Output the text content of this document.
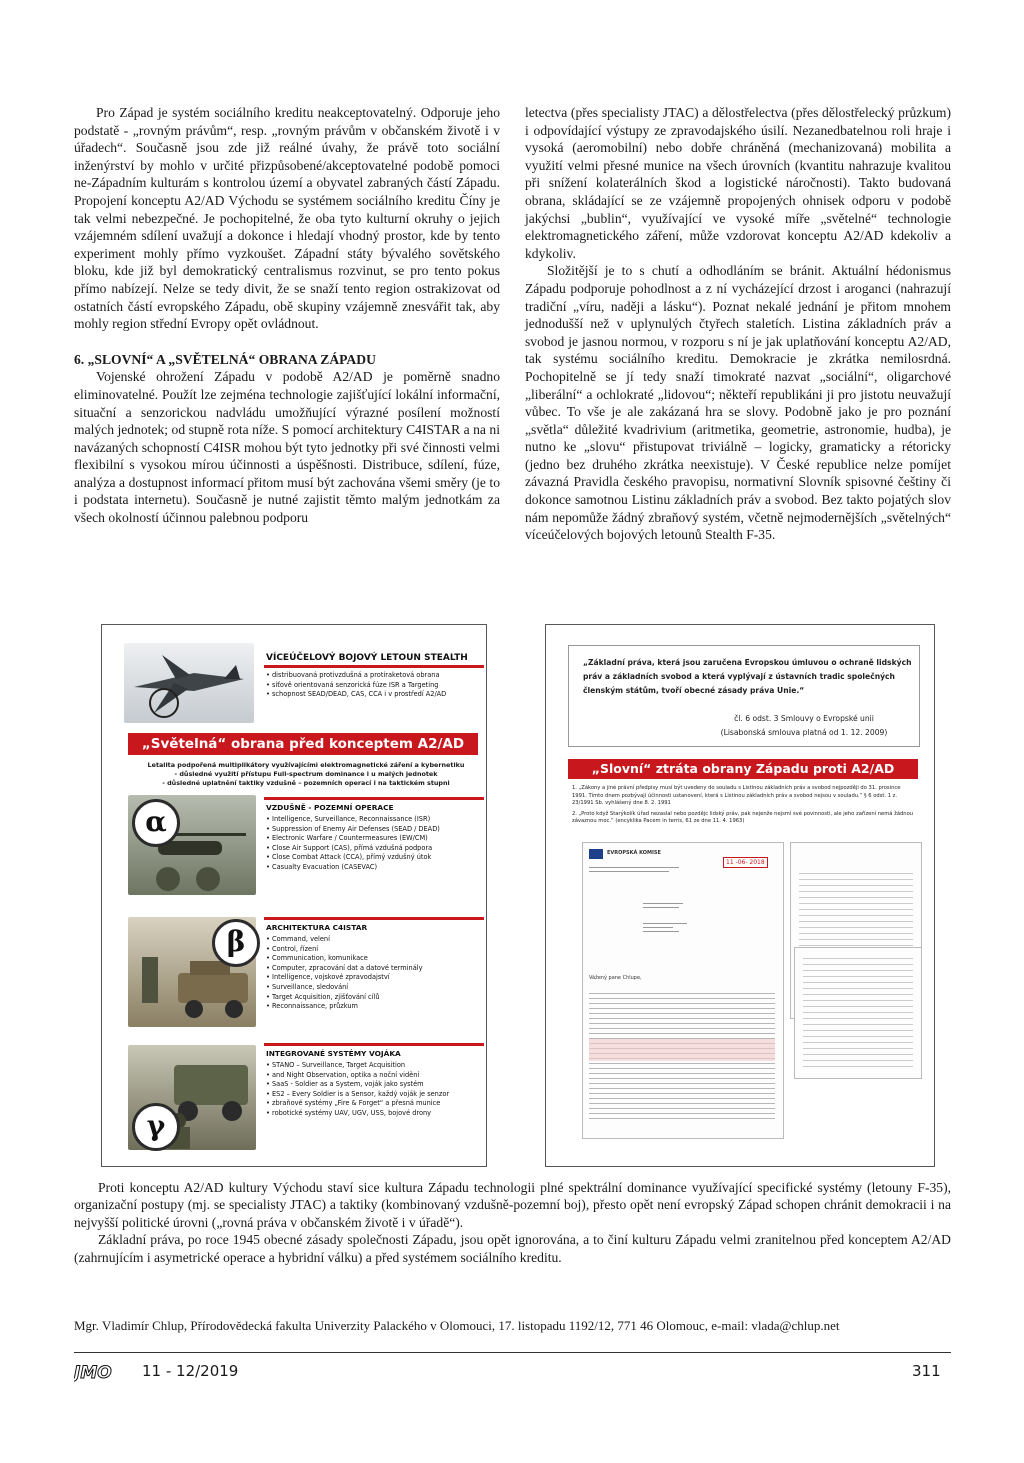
Pro Západ je systém sociálního kreditu neakceptovatelný. Odporuje jeho podstatě - „rovným právům“, resp. „rovným právům v občanském životě i v úřadech“. Současně jsou zde již reálné úvahy, že právě toto sociální inženýrství by mohlo v určité přizpůsobené/akceptovatelné podobě pomoci ne-Západním kulturám s kontrolou území a obyvatel zabraných částí Západu. Propojení konceptu A2/AD Východu se systémem sociálního kreditu Číny je tak velmi nebezpečné. Je pochopitelné, že oba tyto kulturní okruhy o jejich vzájemném sdílení uvažují a dokonce i hledají vhodný prostor, kde by tento experiment mohly přímo vyzkoušet. Západní státy bývalého sovětského bloku, kde již byl demokratický centralismus rozvinut, se pro tento pokus přímo nabízejí. Nelze se tedy divit, že se snaží tento region ostrakizovat od ostatních částí evropského Západu, obě skupiny vzájemně znesvářit tak, aby mohly region střední Evropy opět ovládnout.

6. „SLOVNÍ“ A „SVĚTELNÁ“ OBRANA ZÁPADU

Vojenské ohrožení Západu v podobě A2/AD je poměrně snadno eliminovatelné. Použít lze zejména technologie zajišťující lokální informační, situační a senzorickou nadvládu umožňující výrazné posílení možností malých jednotek; od stupně rota níže. S pomocí architektury C4ISTAR a na ni navázaných schopností C4ISR mohou být tyto jednotky při své činnosti velmi flexibilní s vysokou mírou účinnosti a úspěšnosti. Distribuce, sdílení, fúze, analýza a dostupnost informací přitom musí být zachována všemi směry (je to i podstata internetu). Současně je nutné zajistit těmto malým jednotkám za všech okolností účinnou palebnou podporu

letectva (přes specialisty JTAC) a dělostřelectva (přes dělostřelecký průzkum) i odpovídající výstupy ze zpravodajského úsilí. Nezanedbatelnou roli hraje i vysoká (aeromobilní) nebo dobře chráněná (mechanizovaná) mobilita a využití velmi přesné munice na všech úrovních (kvantitu nahrazuje kvalitou při snížení kolaterálních škod a logistické náročnosti). Takto budovaná obrana, skládající se ze vzájemně propojených ohnisek odporu v podobě jakýchsi „bublin“, využívající ve vysoké míře „světelné“ technologie elektromagnetického záření, může vzdorovat konceptu A2/AD kdekoliv a kdykoliv.

Složitější je to s chutí a odhodláním se bránit. Aktuální hédonismus Západu podporuje pohodlnost a z ní vycházející drzost i aroganci (nahrazují tradiční „víru, naději a lásku“). Poznat nekalé jednání je přitom mnohem jednodušší než v uplynulých čtyřech staletích. Listina základních práv a svobod je jasnou normou, v rozporu s ní je jak uplatňování konceptu A2/AD, tak systému sociálního kreditu. Demokracie je zkrátka nemilosrdná. Pochopitelně se jí tedy snaží timokraté nazvat „sociální“, oligarchové „liberální“ a ochlokraté „lidovou“; někteří republikáni ji pro jistotu neuvažují vůbec. To vše je ale zakázaná hra se slovy. Podobně jako je pro poznání „světla“ důležité kvadrivium (aritmetika, geometrie, astronomie, hudba), je nutno ke „slovu“ přistupovat triviálně – logicky, gramaticky a rétoricky (jedno bez druhého zkrátka neexistuje). V České republice nelze pomíjet závazná Pravidla českého pravopisu, normativní Slovník spisovné češtiny či dokonce samotnou Listinu základních práv a svobod. Bez takto pojatých slov nám nepomůže žádný zbraňový systém, včetně nejmodernějších „světelných“ víceúčelových bojových letounů Stealth F-35.

VÍCEÚČELOVÝ BOJOVÝ LETOUN STEALTH
• distribuovaná protivzdušná a protiraketová obrana
• síťově orientovaná senzorická fúze ISR a Targeting
• schopnost SEAD/DEAD, CAS, CCA i v prostředí A2/AD
„Světelná“ obrana před konceptem A2/AD
Letalita podpořená multiplikátory využívajícími elektromagnetické záření a kybernetiku
- důsledné využití přístupu Full-spectrum dominance i u malých jednotek
- důsledné uplatnění taktiky vzdušně – pozemních operací i na taktickém stupni
α	VZDUŠNĚ - POZEMNÍ OPERACE
• Intelligence, Surveillance, Reconnaissance (ISR)
• Suppression of Enemy Air Defenses (SEAD / DEAD)
• Electronic Warfare / Countermeasures (EW/CM)
• Close Air Support (CAS), přímá vzdušná podpora
• Close Combat Attack (CCA), přímý vzdušný útok
• Casualty Evacuation (CASEVAC)
β	ARCHITEKTURA C4ISTAR
• Command, velení
• Control, řízení
• Communication, komunikace
• Computer, zpracování dat a datové terminály
• Intelligence, vojskové zpravodajství
• Surveillance, sledování
• Target Acquisition, zjišťování cílů
• Reconnaissance, průzkum
γ
INTEGROVANÉ SYSTÉMY VOJÁKA
• STANO – Surveillance, Target Acquisition
• and Night Observation, optika a noční vidění
• SaaS - Soldier as a System, voják jako systém
• ES2 – Every Soldier is a Sensor, každý voják je senzor
• zbraňové systémy „Fire & Forget“ a přesná munice
• robotické systémy UAV, UGV, USS, bojové drony
„Základní práva, která jsou zaručena Evropskou úmluvou o ochraně lidských práv a základních svobod a která vyplývají z ústavních tradic společných členským státům, tvoří obecné zásady práva Unie.“
čl. 6 odst. 3 Smlouvy o Evropské unii
(Lisabonská smlouva platná od 1. 12. 2009)
„Slovní“ ztráta obrany Západu proti A2/AD
1. „Zákony a jiné právní předpisy musí být uvedeny do souladu s Listinou základních práv a svobod nejpozději do 31. prosince 1991. Tímto dnem pozbývají účinnosti ustanovení, která s Listinou základních práv a svobod nejsou v souladu.“ § 6 odst. 1 z. 23/1991 Sb. vyhlášený dne 8. 2. 1991
2. „Proto když Starýkolík úřad nezaslal nebo pozdějc lidský práv, pak nejenže nejsmí své povinnosti, ale jeho zařízení nemá žádnou závaznou moc.“ (encyklika Pacem in terris, 61 ze dne 11. 4. 1963)
EVROPSKÁ KOMISE
11 -06- 2018
Vážený pane Chlupe,

Proti konceptu A2/AD kultury Východu staví sice kultura Západu technologii plné spektrální dominance využívající specifické systémy (letouny F-35), organizační postupy (mj. se specialisty JTAC) a taktiky (kombinovaný vzdušně-pozemní boj), přesto opět není evropský Západ schopen chránit demokracii i na nejvyšší politické úrovni („rovná práva v občanském životě i v úřadě“).

Základní práva, po roce 1945 obecné zásady společnosti Západu, jsou opět ignorována, a to činí kulturu Západu velmi zranitelnou před konceptem A2/AD (zahrnujícím i asymetrické operace a hybridní válku) a před systémem sociálního kreditu.

Mgr. Vladimír Chlup, Přírodovědecká fakulta Univerzity Palackého v Olomouci, 17. listopadu 1192/12, 771 46 Olomouc, e-mail: vlada@chlup.net
JMO 11 - 12/2019	311
